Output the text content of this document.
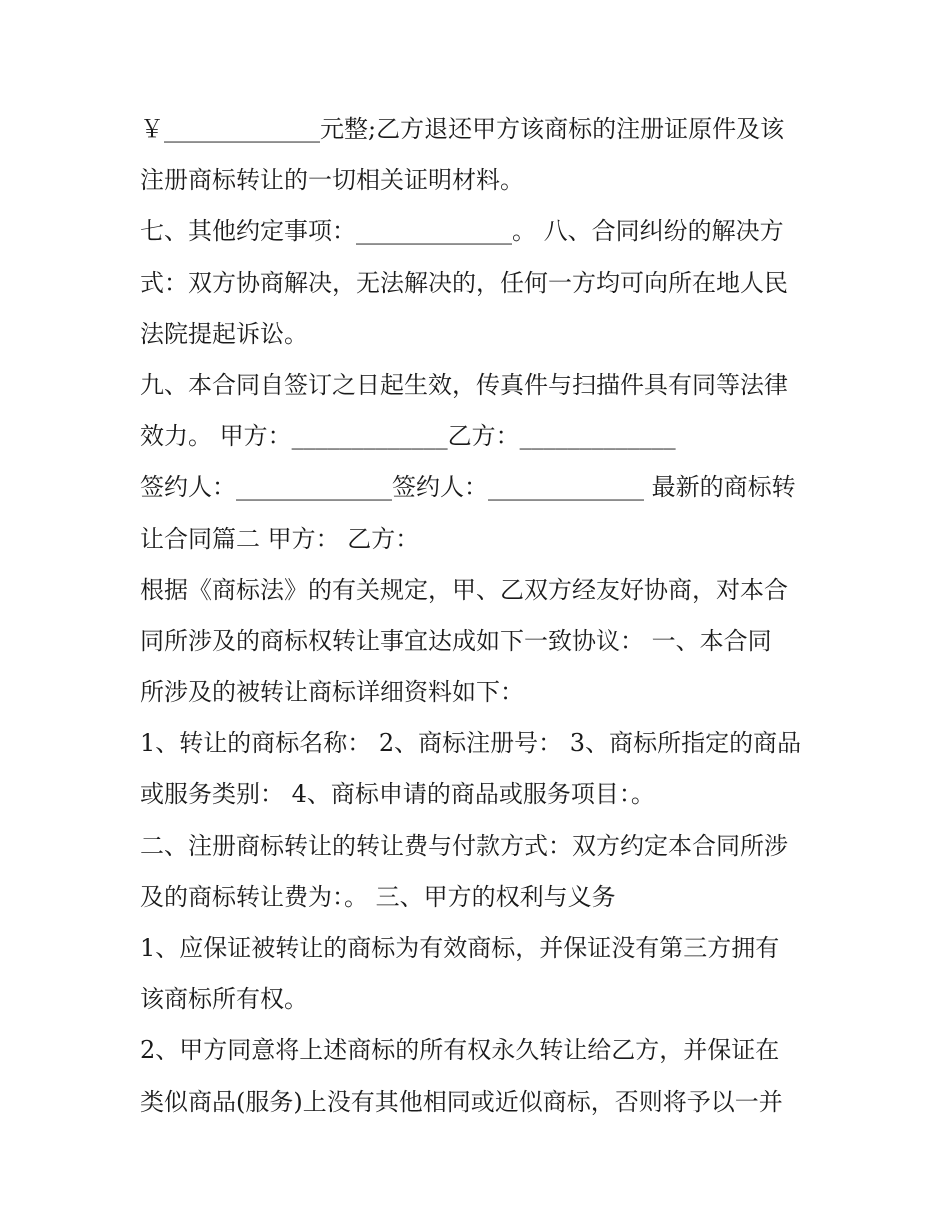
￥_____________元整;乙方退还甲方该商标的注册证原件及该
注册商标转让的一切相关证明材料。
七、其他约定事项：_____________。 八、合同纠纷的解决方
式：双方协商解决，无法解决的，任何一方均可向所在地人民
法院提起诉讼。
九、本合同自签订之日起生效，传真件与扫描件具有同等法律
效力。 甲方：_____________乙方：_____________
签约人：_____________签约人：_____________ 最新的商标转
让合同篇二 甲方： 乙方：
根据《商标法》的有关规定，甲、乙双方经友好协商，对本合
同所涉及的商标权转让事宜达成如下一致协议： 一、本合同
所涉及的被转让商标详细资料如下：
1、转让的商标名称： 2、商标注册号： 3、商标所指定的商品
或服务类别： 4、商标申请的商品或服务项目：。
二、注册商标转让的转让费与付款方式：双方约定本合同所涉
及的商标转让费为：。 三、甲方的权利与义务
1、应保证被转让的商标为有效商标，并保证没有第三方拥有
该商标所有权。
2、甲方同意将上述商标的所有权永久转让给乙方，并保证在
类似商品(服务)上没有其他相同或近似商标，否则将予以一并
